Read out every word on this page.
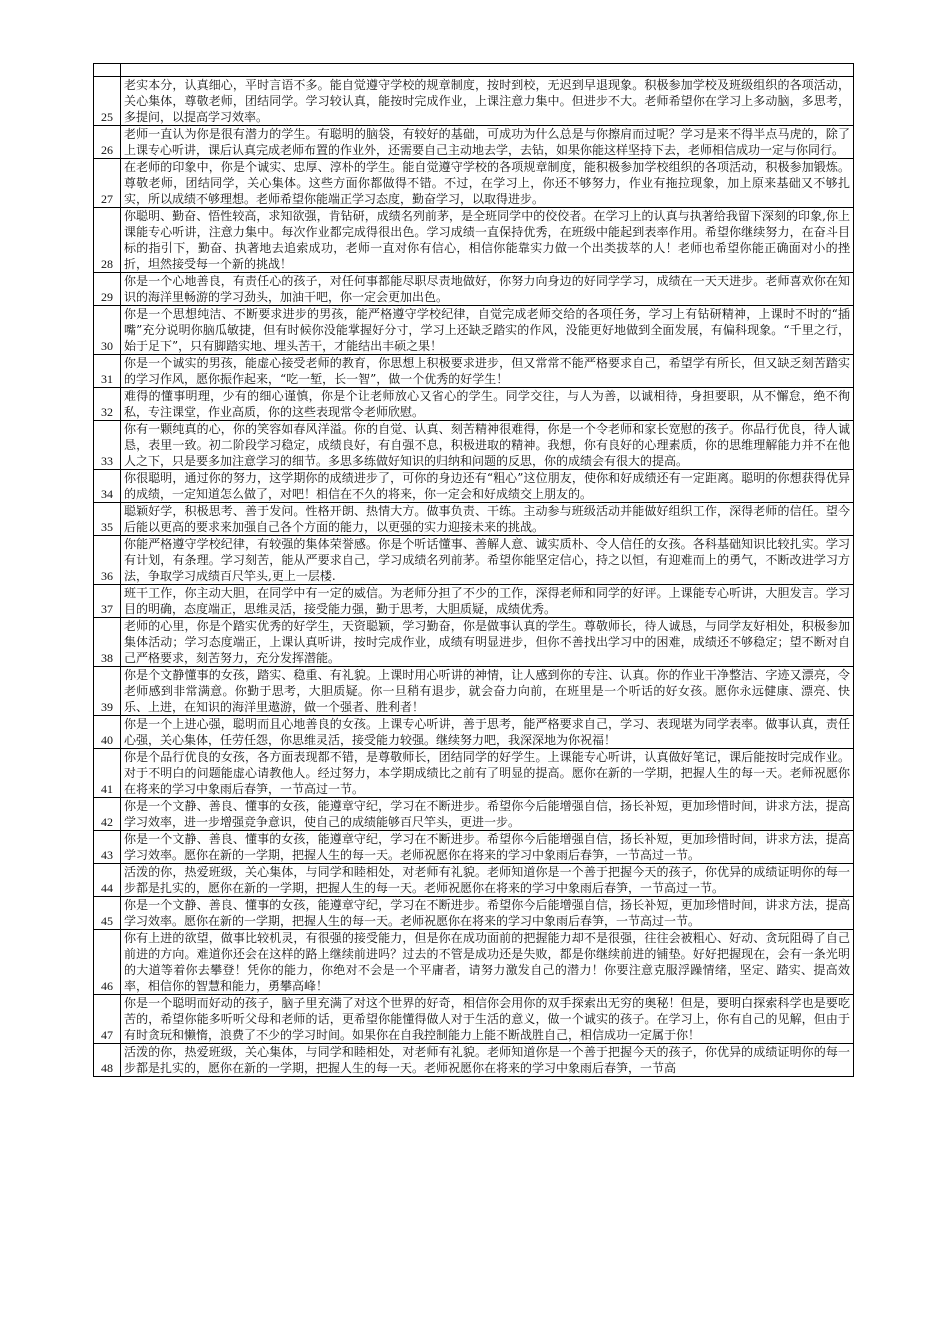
25	老实本分，认真细心，平时言语不多。能自觉遵守学校的规章制度，按时到校，无迟到早退现象。积极参加学校及班级组织的各项活动，关心集体，尊敬老师，团结同学。学习较认真，能按时完成作业，上课注意力集中。但进步不大。老师希望你在学习上多动脑，多思考，多提问，以提高学习效率。
26	老师一直认为你是很有潜力的学生。有聪明的脑袋，有较好的基础，可成功为什么总是与你擦肩而过呢？学习是来不得半点马虎的，除了上课专心听讲，课后认真完成老师布置的作业外，还需要自己主动地去学，去钻，如果你能这样坚持下去，老师相信成功一定与你同行。
27	在老师的印象中，你是个诚实、忠厚、淳朴的学生。能自觉遵守学校的各项规章制度，能积极参加学校组织的各项活动，积极参加锻炼。尊敬老师，团结同学，关心集体。这些方面你都做得不错。不过，在学习上，你还不够努力，作业有拖拉现象，加上原来基础又不够扎实，所以成绩不够理想。老师希望你能端正学习态度，勤奋学习，以取得进步。
28	你聪明、勤奋、悟性较高，求知欲强，肯钻研，成绩名列前茅，是全班同学中的佼佼者。在学习上的认真与执著给我留下深刻的印象,你上课能专心听讲，注意力集中。每次作业都完成得很出色。学习成绩一直保持优秀，在班级中能起到表率作用。希望你继续努力，在奋斗目标的指引下，勤奋、执著地去追索成功，老师一直对你有信心，相信你能靠实力做一个出类拔萃的人！老师也希望你能正确面对小的挫折，坦然接受每一个新的挑战！
29	你是一个心地善良，有责任心的孩子，对任何事都能尽职尽责地做好，你努力向身边的好同学学习，成绩在一天天进步。老师喜欢你在知识的海洋里畅游的学习劲头，加油干吧，你一定会更加出色。
30	你是一个思想纯洁、不断要求进步的男孩，能严格遵守学校纪律，自觉完成老师交给的各项任务，学习上有钻研精神，上课时不时的“插嘴”充分说明你脑瓜敏捷，但有时候你没能掌握好分寸，学习上还缺乏踏实的作风，没能更好地做到全面发展，有偏科现象。“千里之行，始于足下”，只有脚踏实地、埋头苦干，才能结出丰硕之果！
31	你是一个诚实的男孩，能虚心接受老师的教育，你思想上积极要求进步，但又常常不能严格要求自己，希望学有所长，但又缺乏刻苦踏实的学习作风，愿你振作起来，“吃一堑，长一智”，做一个优秀的好学生！
32	难得的懂事明理，少有的细心谨慎，你是个让老师放心又省心的学生。同学交往，与人为善，以诚相待，身担要职，从不懈怠，绝不徇私，专注课堂，作业高质，你的这些表现常令老师欣慰。
33	你有一颗纯真的心，你的笑容如春风洋溢。你的自觉、认真、刻苦精神很难得，你是一个令老师和家长宽慰的孩子。你品行优良，待人诚恳，表里一致。初二阶段学习稳定，成绩良好，有自强不息，积极进取的精神。我想，你有良好的心理素质，你的思维理解能力并不在他人之下，只是要多加注意学习的细节。多思多练做好知识的归纳和问题的反思，你的成绩会有很大的提高。
34	你很聪明，通过你的努力，这学期你的成绩进步了，可你的身边还有“粗心”这位朋友，使你和好成绩还有一定距离。聪明的你想获得优异的成绩，一定知道怎么做了，对吧！相信在不久的将来，你一定会和好成绩交上朋友的。
35	聪颖好学，积极思考、善于发问。性格开朗、热情大方。做事负责、干练。主动参与班级活动并能做好组织工作，深得老师的信任。望今后能以更高的要求来加强自己各个方面的能力，以更强的实力迎接未来的挑战。
36	你能严格遵守学校纪律，有较强的集体荣誉感。你是个听话懂事、善解人意、诚实质朴、令人信任的女孩。各科基础知识比较扎实。学习有计划，有条理。学习刻苦，能从严要求自己，学习成绩名列前茅。希望你能坚定信心，持之以恒，有迎难而上的勇气，不断改进学习方法，争取学习成绩百尺竿头,更上一层楼.
37	班干工作，你主动大胆，在同学中有一定的威信。为老师分担了不少的工作，深得老师和同学的好评。上课能专心听讲，大胆发言。学习目的明确，态度端正，思维灵活，接受能力强，勤于思考，大胆质疑，成绩优秀。
38	老师的心里，你是个踏实优秀的好学生，天资聪颖，学习勤奋，你是做事认真的学生。尊敬师长，待人诚恳，与同学友好相处，积极参加集体活动；学习态度端正，上课认真听讲，按时完成作业，成绩有明显进步，但你不善找出学习中的困难，成绩还不够稳定；望不断对自己严格要求，刻苦努力，充分发挥潜能。
39	你是个文静懂事的女孩，踏实、稳重、有礼貌。上课时用心听讲的神情，让人感到你的专注、认真。你的作业干净整洁、字迹又漂亮，令老师感到非常满意。你勤于思考，大胆质疑。你一旦稍有退步，就会奋力向前，在班里是一个听话的好女孩。愿你永远健康、漂亮、快乐、上进，在知识的海洋里遨游，做一个强者、胜利者！
40	你是一个上进心强，聪明而且心地善良的女孩。上课专心听讲，善于思考，能严格要求自己，学习、表现堪为同学表率。做事认真，责任心强，关心集体，任劳任怨，你思维灵活，接受能力较强。继续努力吧，我深深地为你祝福！
41	你是个品行优良的女孩，各方面表现都不错，是尊敬师长，团结同学的好学生。上课能专心听讲，认真做好笔记，课后能按时完成作业。对于不明白的问题能虚心请教他人。经过努力，本学期成绩比之前有了明显的提高。愿你在新的一学期，把握人生的每一天。老师祝愿你在将来的学习中象雨后春笋，一节高过一节。
42	你是一个文静、善良、懂事的女孩，能遵章守纪，学习在不断进步。希望你今后能增强自信，扬长补短，更加珍惜时间，讲求方法，提高学习效率，进一步增强竞争意识，使自己的成绩能够百尺竿头，更进一步。
43	你是一个文静、善良、懂事的女孩，能遵章守纪，学习在不断进步。希望你今后能增强自信，扬长补短，更加珍惜时间，讲求方法，提高学习效率。愿你在新的一学期，把握人生的每一天。老师祝愿你在将来的学习中象雨后春笋，一节高过一节。
44	活泼的你，热爱班级，关心集体，与同学和睦相处，对老师有礼貌。老师知道你是一个善于把握今天的孩子，你优异的成绩证明你的每一步都是扎实的，愿你在新的一学期，把握人生的每一天。老师祝愿你在将来的学习中象雨后春笋，一节高过一节。
45	你是一个文静、善良、懂事的女孩，能遵章守纪，学习在不断进步。希望你今后能增强自信，扬长补短，更加珍惜时间，讲求方法，提高学习效率。愿你在新的一学期，把握人生的每一天。老师祝愿你在将来的学习中象雨后春笋，一节高过一节。
46	你有上进的欲望，做事比较机灵，有很强的接受能力，但是你在成功面前的把握能力却不是很强，往往会被粗心、好动、贪玩阻碍了自己前进的方向。难道你还会在这样的路上继续前进吗？过去的不管是成功还是失败，都是你继续前进的铺垫。好好把握现在，会有一条光明的大道等着你去攀登！凭你的能力，你绝对不会是一个平庸者，请努力激发自己的潜力！你要注意克服浮躁情绪，坚定、踏实、提高效率，相信你的智慧和能力，勇攀高峰！
47	你是一个聪明而好动的孩子，脑子里充满了对这个世界的好奇，相信你会用你的双手探索出无穷的奥秘！但是，要明白探索科学也是要吃苦的，希望你能多听听父母和老师的话，更希望你能懂得做人对于生活的意义，做一个诚实的孩子。在学习上，你有自己的见解，但由于有时贪玩和懒惰，浪费了不少的学习时间。如果你在自我控制能力上能不断战胜自己，相信成功一定属于你！
48	活泼的你，热爱班级，关心集体，与同学和睦相处，对老师有礼貌。老师知道你是一个善于把握今天的孩子，你优异的成绩证明你的每一步都是扎实的，愿你在新的一学期，把握人生的每一天。老师祝愿你在将来的学习中象雨后春笋，一节高
